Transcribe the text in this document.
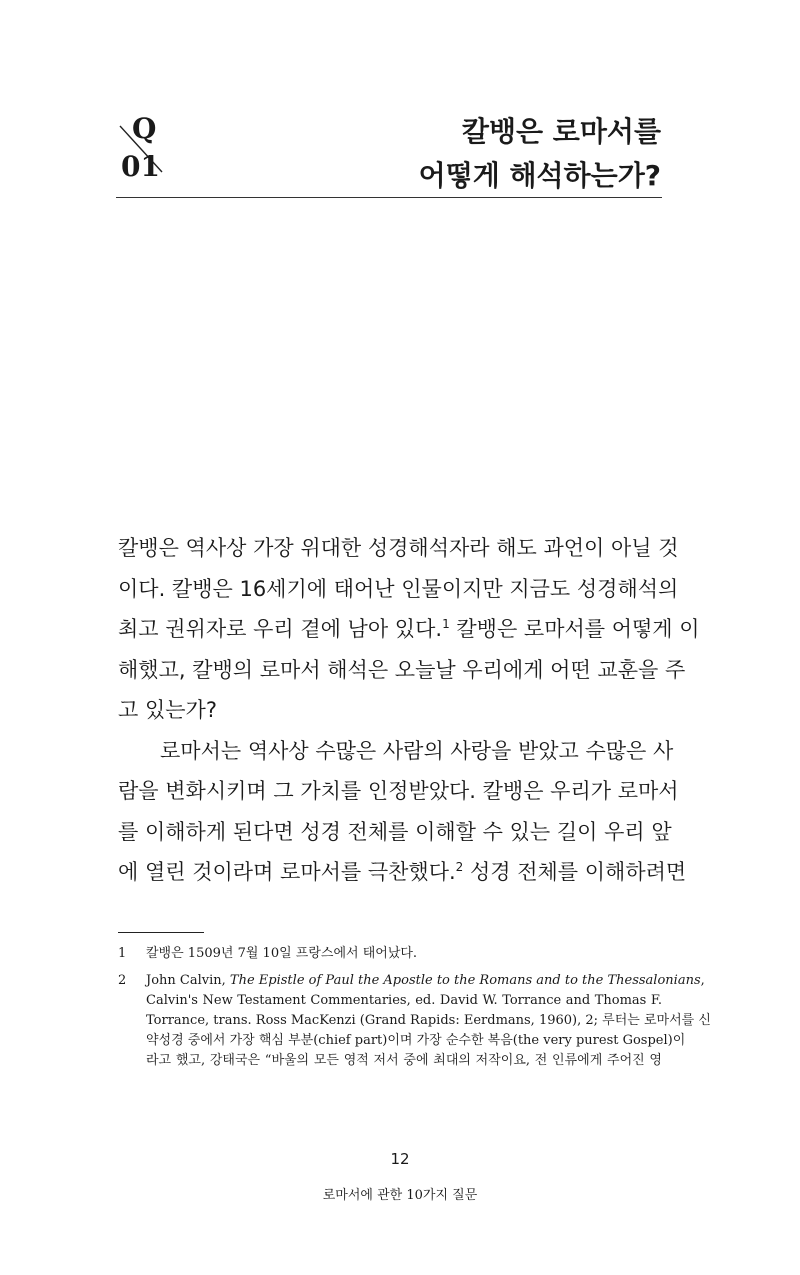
Q
01
칼뱅은 로마서를
어떻게 해석하는가?
칼뱅은 역사상 가장 위대한 성경해석자라 해도 과언이 아닐 것
이다. 칼뱅은 16세기에 태어난 인물이지만 지금도 성경해석의
최고 권위자로 우리 곁에 남아 있다.$^1$ 칼뱅은 로마서를 어떻게 이
해했고, 칼뱅의 로마서 해석은 오늘날 우리에게 어떤 교훈을 주
고 있는가?
로마서는 역사상 수많은 사람의 사랑을 받았고 수많은 사
람을 변화시키며 그 가치를 인정받았다. 칼뱅은 우리가 로마서
를 이해하게 된다면 성경 전체를 이해할 수 있는 길이 우리 앞
에 열린 것이라며 로마서를 극찬했다.$^2$ 성경 전체를 이해하려면
1 칼뱅은 1509년 7월 10일 프랑스에서 태어났다.
2 John Calvin, The Epistle of Paul the Apostle to the Romans and to the Thessalonians,
Calvin's New Testament Commentaries, ed. David W. Torrance and Thomas F.
Torrance, trans. Ross MacKenzi (Grand Rapids: Eerdmans, 1960), 2; 루터는 로마서를 신
약성경 중에서 가장 핵심 부분(chief part)이며 가장 순수한 복음(the very purest Gospel)이
라고 했고, 강태국은 “바울의 모든 영적 저서 중에 최대의 저작이요, 전 인류에게 주어진 영
12
로마서에 관한 10가지 질문
